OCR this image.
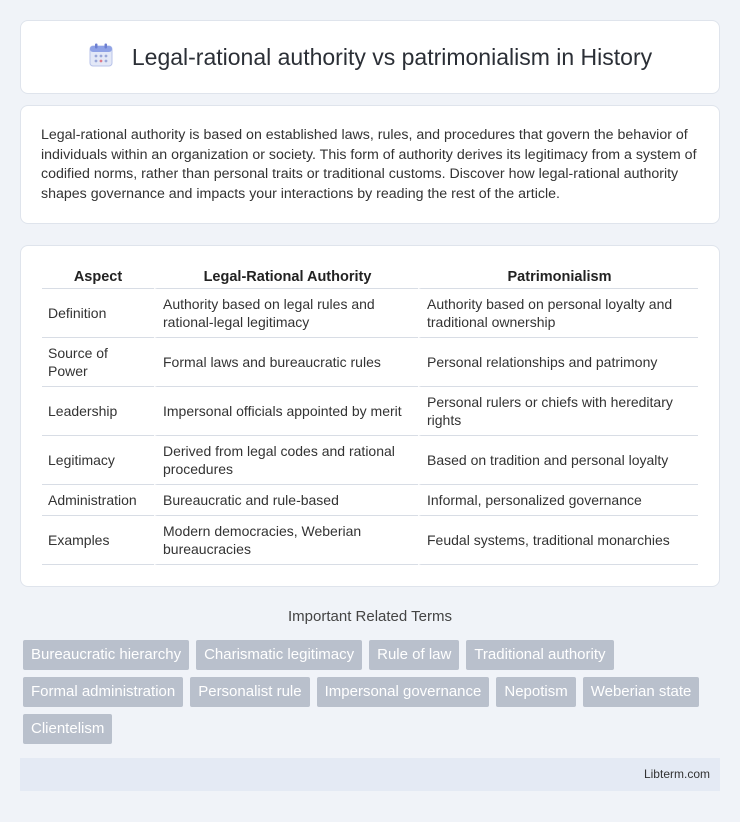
Legal-rational authority vs patrimonialism in History

Legal-rational authority is based on established laws, rules, and procedures that govern the behavior of individuals within an organization or society. This form of authority derives its legitimacy from a system of codified norms, rather than personal traits or traditional customs. Discover how legal-rational authority shapes governance and impacts your interactions by reading the rest of the article.

Aspect	Legal-Rational Authority	Patrimonialism
Definition	Authority based on legal rules and rational-legal legitimacy	Authority based on personal loyalty and traditional ownership
Source of Power	Formal laws and bureaucratic rules	Personal relationships and patrimony
Leadership	Impersonal officials appointed by merit	Personal rulers or chiefs with hereditary rights
Legitimacy	Derived from legal codes and rational procedures	Based on tradition and personal loyalty
Administration	Bureaucratic and rule-based	Informal, personalized governance
Examples	Modern democracies, Weberian bureaucracies	Feudal systems, traditional monarchies
Important Related Terms
Bureaucratic hierarchy	Charismatic legitimacy	Rule of law	Traditional authority
Formal administration	Personalist rule	Impersonal governance	Nepotism	Weberian state
Clientelism
Libterm.com
